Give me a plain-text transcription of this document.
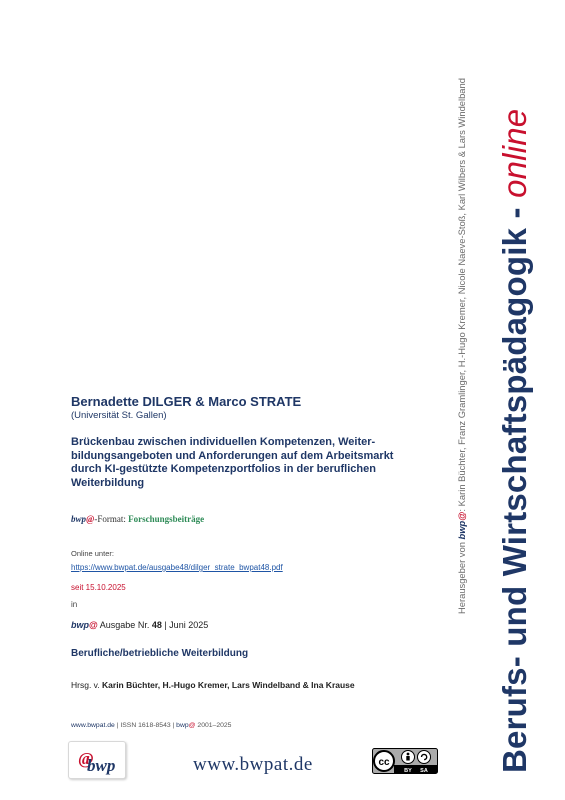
Berufs- und Wirtschaftspädagogik - online
Herausgeber von bwp@: Karin Büchter, Franz Gramlinger, H.-Hugo Kremer, Nicole Naeve-Stoß, Karl Wilbers & Lars Windelband
Bernadette DILGER & Marco STRATE
(Universität St. Gallen)
Brückenbau zwischen individuellen Kompetenzen, Weiter-bildungsangeboten und Anforderungen auf dem Arbeitsmarkt durch KI-gestützte Kompetenzportfolios in der beruflichen Weiterbildung
bwp@-Format: Forschungsbeiträge
Online unter:
https://www.bwpat.de/ausgabe48/dilger_strate_bwpat48.pdf
seit 15.10.2025
in
bwp@ Ausgabe Nr. 48 | Juni 2025
Berufliche/betriebliche Weiterbildung
Hrsg. v. Karin Büchter, H.-Hugo Kremer, Lars Windelband & Ina Krause
www.bwpat.de | ISSN 1618-8543 | bwp@ 2001–2025
bwp
@	www.bwpat.de	cc
BY SA
